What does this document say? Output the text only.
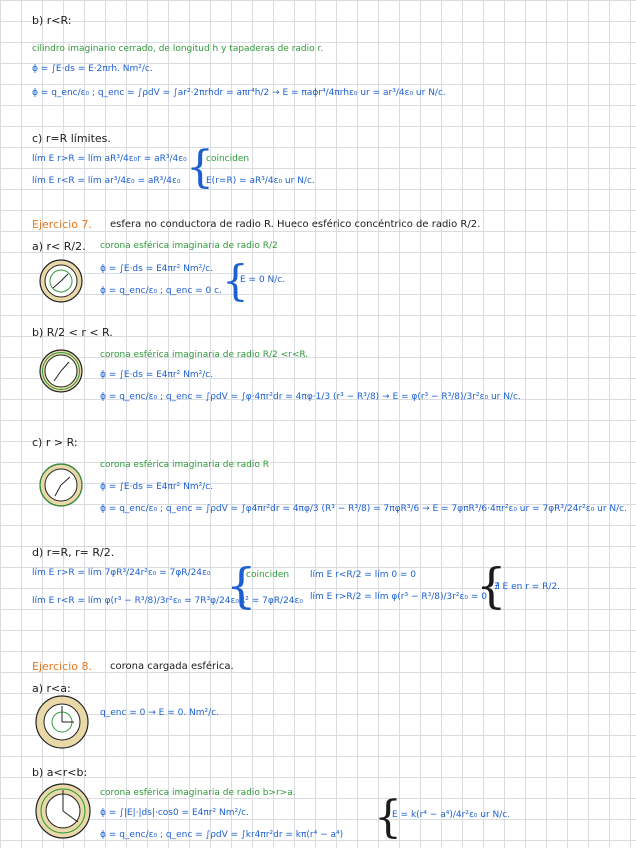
b) r<R:
cilindro imaginario cerrado, de longitud h y tapaderas de radio r.
ϕ = ∫E·ds = E·2πrh. Nm²/c.
ϕ = q_enc/ε₀ ; q_enc = ∫ρdV = ∫ar²·2πrhdr = aπr⁴h/2 → E = πaϕr⁴/4πrhε₀ ur = ar³/4ε₀ ur N/c.
c) r=R límites.
lím E r>R = lím aR³/4ε₀r = aR³/4ε₀
lím E r<R = lím ar³/4ε₀ = aR³/4ε₀ {
coinciden
E(r=R) = aR³/4ε₀ ur N/c.
Ejercicio 7. esfera no conductora de radio R. Hueco esférico concéntrico de radio R/2.
a) r< R/2. corona esférica imaginaria de radio R/2
ϕ = ∫E·ds = E4πr² Nm²/c.
ϕ = q_enc/ε₀ ; q_enc = 0 c. {
E = 0 N/c.
b) R/2 < r < R.
corona esférica imaginaria de radio R/2 <r<R.
ϕ = ∫E·ds = E4πr² Nm²/c.
ϕ = q_enc/ε₀ ; q_enc = ∫ρdV = ∫φ·4πr²dr = 4πφ·1/3 (r³ − R³/8) → E = φ(r³ − R³/8)/3r²ε₀ ur N/c.
c) r > R:
corona esférica imaginaria de radio R
ϕ = ∫E·ds = E4πr² Nm²/c.
ϕ = q_enc/ε₀ ; q_enc = ∫ρdV = ∫φ4πr²dr = 4πφ/3 (R³ − R³/8) = 7πφR³/6 → E = 7φπR³/6·4πr²ε₀ ur = 7φR³/24r²ε₀ ur N/c.
d) r=R, r= R/2.
lím E r>R = lím 7φR³/24r²ε₀ = 7φR/24ε₀
lím E r<R = lím φ(r³ − R³/8)/3r²ε₀ = 7R³φ/24ε₀R² = 7φR/24ε₀
{
coinciden lím E r<R/2 = lím 0 = 0
lím E r>R/2 = lím φ(r³ − R³/8)/3r²ε₀ = 0
{
∄ E en r = R/2.
Ejercicio 8. corona cargada esférica.
a) r<a:
q_enc = 0 → E = 0. Nm²/c.
b) a<r<b:
corona esférica imaginaria de radio b>r>a.
ϕ = ∫|E|·|ds|·cos0 = E4πr² Nm²/c.
ϕ = q_enc/ε₀ ; q_enc = ∫ρdV = ∫kr4πr²dr = kπ(r⁴ − a⁴) {
E = k(r⁴ − a⁴)/4r²ε₀ ur N/c.
